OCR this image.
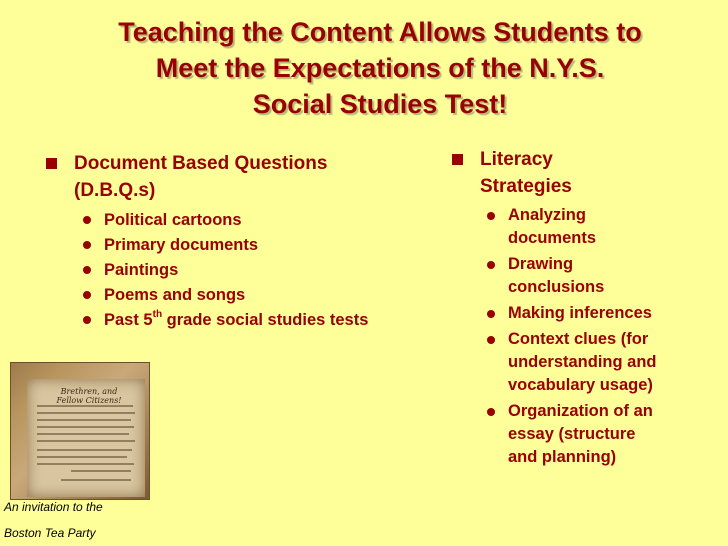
Teaching the Content Allows Students to
Meet the Expectations of the N.Y.S.
Social Studies Test!
Document Based Questions
(D.B.Q.s)
Political cartoons
Primary documents
Paintings
Poems and songs
Past 5th grade social studies tests
Literacy
Strategies
Analyzing
documents
Drawing
conclusions
Making inferences
Context clues (for
understanding and
vocabulary usage)
Organization of an
essay (structure
and planning)
Brethren, and Fellow Citizens!
An invitation to the
Boston Tea Party
